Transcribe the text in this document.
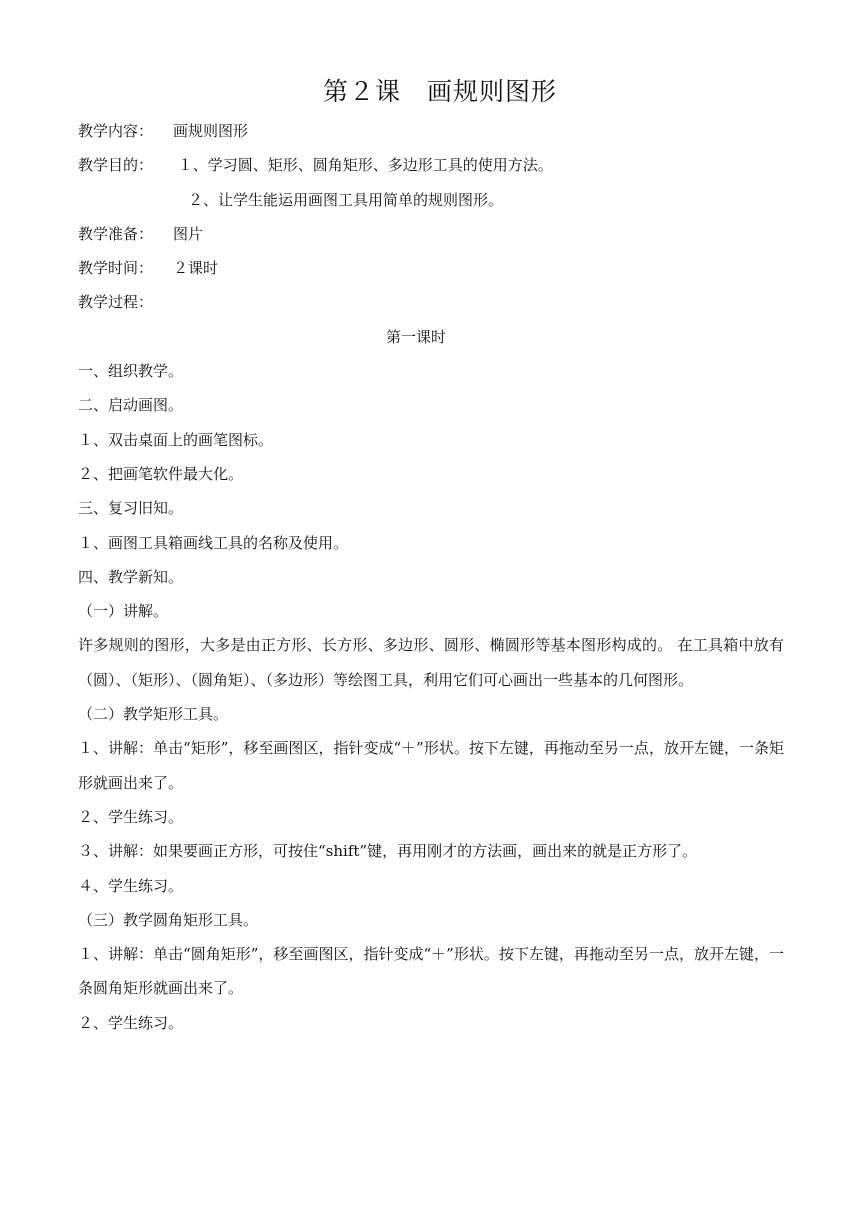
第２课　画规则图形

教学内容： 画规则图形

教学目的： １、学习圆、矩形、圆角矩形、多边形工具的使用方法。

２、让学生能运用画图工具用简单的规则图形。

教学准备： 图片

教学时间： ２课时

教学过程：

第一课时

一、组织教学。

二、启动画图。

１、双击桌面上的画笔图标。

２、把画笔软件最大化。

三、复习旧知。

１、画图工具箱画线工具的名称及使用。

四、教学新知。

（一）讲解。

许多规则的图形，大多是由正方形、长方形、多边形、圆形、椭圆形等基本图形构成的。 在工具箱中放有（圆）、（矩形）、（圆角矩）、（多边形）等绘图工具，利用它们可心画出一些基本的几何图形。

（二）教学矩形工具。

１、讲解：单击“矩形”，移至画图区，指针变成“＋”形状。按下左键，再拖动至另一点，放开左键，一条矩形就画出来了。

２、学生练习。

３、讲解：如果要画正方形，可按住“shift”键，再用刚才的方法画，画出来的就是正方形了。

４、学生练习。

（三）教学圆角矩形工具。

１、讲解：单击“圆角矩形”，移至画图区，指针变成“＋”形状。按下左键，再拖动至另一点，放开左键，一条圆角矩形就画出来了。

２、学生练习。
